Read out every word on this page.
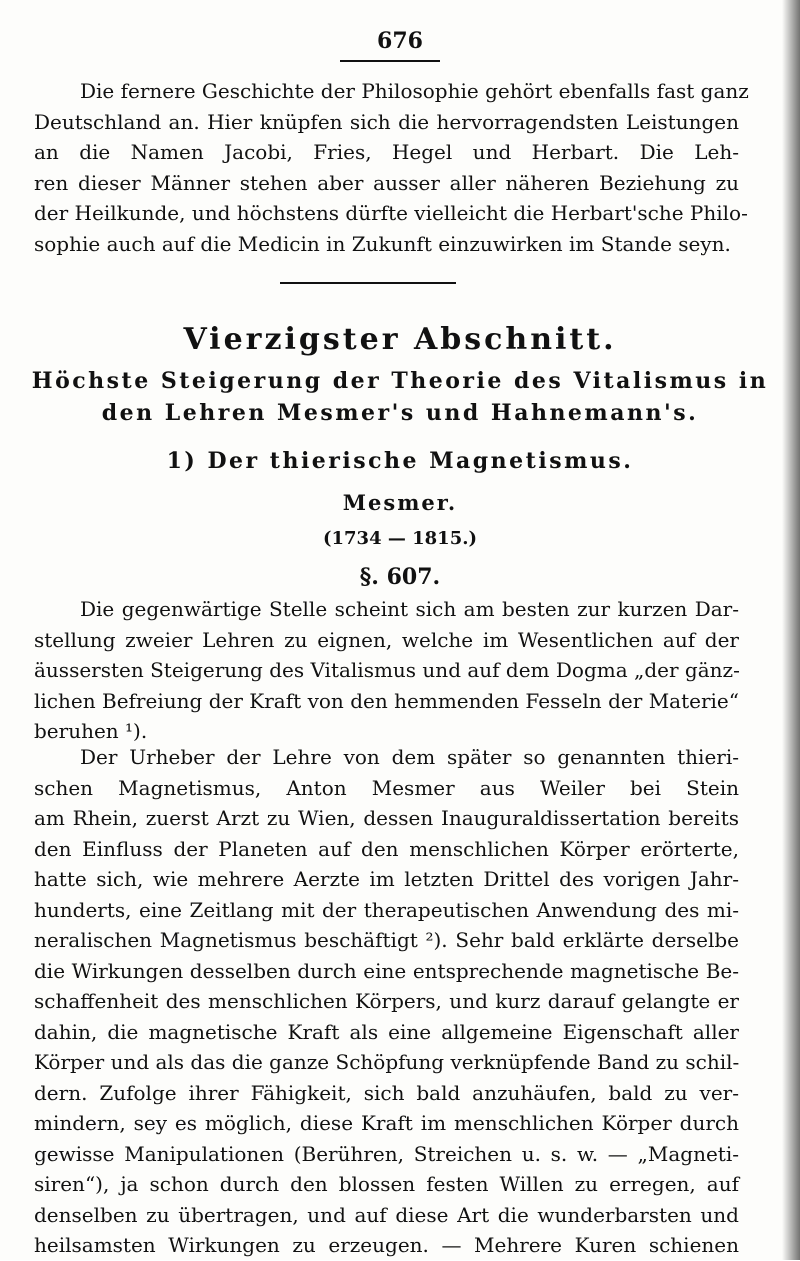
676
Die fernere Geschichte der Philosophie gehört ebenfalls fast ganz
Deutschland an. Hier knüpfen sich die hervorragendsten Leistungen
an die Namen Jacobi, Fries, Hegel und Herbart. Die Leh-
ren dieser Männer stehen aber ausser aller näheren Beziehung zu
der Heilkunde, und höchstens dürfte vielleicht die Herbart'sche Philo-
sophie auch auf die Medicin in Zukunft einzuwirken im Stande seyn.
Vierzigster Abschnitt.
Höchste Steigerung der Theorie des Vitalismus in
den Lehren Mesmer's und Hahnemann's.
1) Der thierische Magnetismus.
Mesmer.
(1734 — 1815.)
§. 607.
Die gegenwärtige Stelle scheint sich am besten zur kurzen Dar-
stellung zweier Lehren zu eignen, welche im Wesentlichen auf der
äussersten Steigerung des Vitalismus und auf dem Dogma „der gänz-
lichen Befreiung der Kraft von den hemmenden Fesseln der Materie“
beruhen ¹).
Der Urheber der Lehre von dem später so genannten thieri-
schen Magnetismus, Anton Mesmer aus Weiler bei Stein
am Rhein, zuerst Arzt zu Wien, dessen Inauguraldissertation bereits
den Einfluss der Planeten auf den menschlichen Körper erörterte,
hatte sich, wie mehrere Aerzte im letzten Drittel des vorigen Jahr-
hunderts, eine Zeitlang mit der therapeutischen Anwendung des mi-
neralischen Magnetismus beschäftigt ²). Sehr bald erklärte derselbe
die Wirkungen desselben durch eine entsprechende magnetische Be-
schaffenheit des menschlichen Körpers, und kurz darauf gelangte er
dahin, die magnetische Kraft als eine allgemeine Eigenschaft aller
Körper und als das die ganze Schöpfung verknüpfende Band zu schil-
dern. Zufolge ihrer Fähigkeit, sich bald anzuhäufen, bald zu ver-
mindern, sey es möglich, diese Kraft im menschlichen Körper durch
gewisse Manipulationen (Berühren, Streichen u. s. w. — „Magneti-
siren“), ja schon durch den blossen festen Willen zu erregen, auf
denselben zu übertragen, und auf diese Art die wunderbarsten und
heilsamsten Wirkungen zu erzeugen. — Mehrere Kuren schienen
